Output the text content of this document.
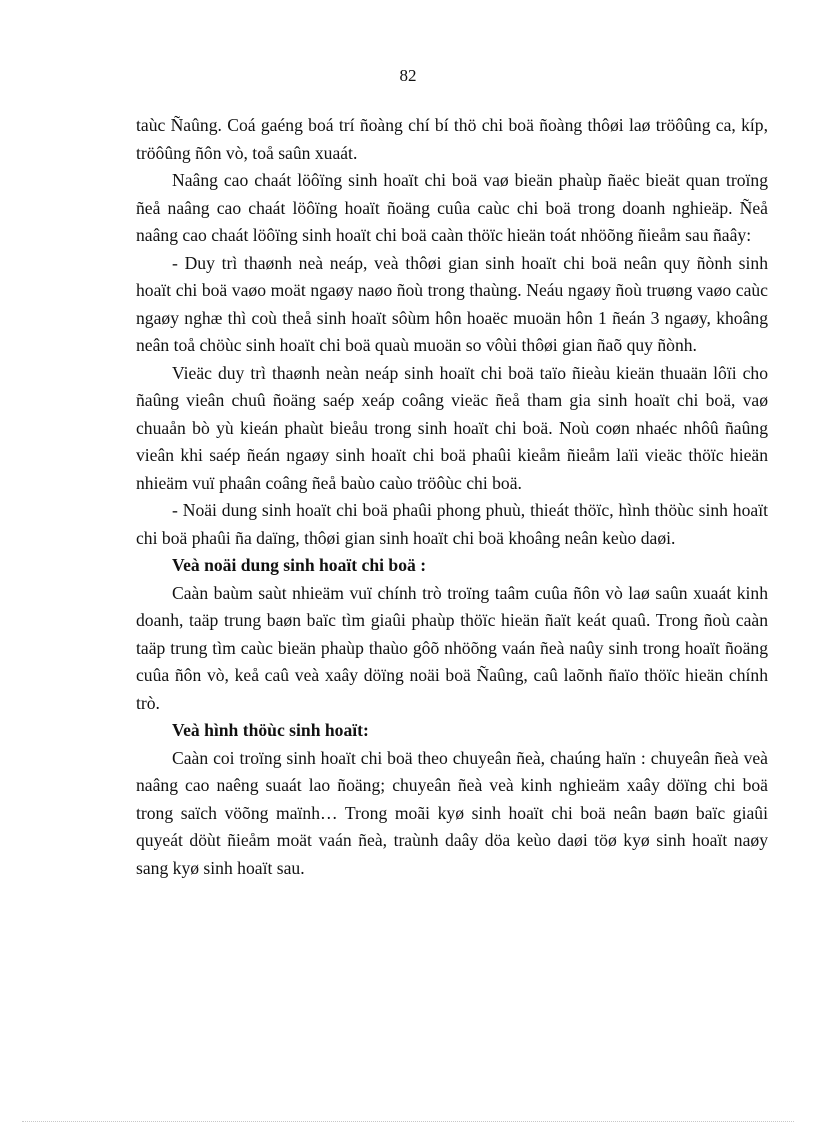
82

taùc Ñaûng. Coá gaéng boá trí ñoàng chí bí thö chi boä ñoàng thôøi laø tröôûng ca, kíp, tröôûng ñôn vò, toå saûn xuaát.

Naâng cao chaát löôïng sinh hoaït chi boä vaø bieän phaùp ñaëc bieät quan troïng ñeå naâng cao chaát löôïng hoaït ñoäng cuûa caùc chi boä trong doanh nghieäp. Ñeå naâng cao chaát löôïng sinh hoaït chi boä caàn thöïc hieän toát nhöõng ñieåm sau ñaây:

- Duy trì thaønh neà neáp, veà thôøi gian sinh hoaït chi boä neân quy ñònh sinh hoaït chi boä vaøo moät ngaøy naøo ñoù trong thaùng. Neáu ngaøy ñoù truøng vaøo caùc ngaøy nghæ thì coù theå sinh hoaït sôùm hôn hoaëc muoän hôn 1 ñeán 3 ngaøy, khoâng neân toå chöùc sinh hoaït chi boä quaù muoän so vôùi thôøi gian ñaõ quy ñònh.

Vieäc duy trì thaønh neàn neáp sinh hoaït chi boä taïo ñieàu kieän thuaän lôïi cho ñaûng vieân chuû ñoäng saép xeáp coâng vieäc ñeå tham gia sinh hoaït chi boä, vaø chuaån bò yù kieán phaùt bieåu trong sinh hoaït chi boä. Noù coøn nhaéc nhôû ñaûng vieân khi saép ñeán ngaøy sinh hoaït chi boä phaûi kieåm ñieåm laïi vieäc thöïc hieän nhieäm vuï phaân coâng ñeå baùo caùo tröôùc chi boä.

- Noäi dung sinh hoaït chi boä phaûi phong phuù, thieát thöïc, hình thöùc sinh hoaït chi boä phaûi ña daïng, thôøi gian sinh hoaït chi boä khoâng neân keùo daøi.

Veà noäi dung sinh hoaït chi boä :

Caàn baùm saùt nhieäm vuï chính trò troïng taâm cuûa ñôn vò laø saûn xuaát kinh doanh, taäp trung baøn baïc tìm giaûi phaùp thöïc hieän ñaït keát quaû. Trong ñoù caàn taäp trung tìm caùc bieän phaùp thaùo gôõ nhöõng vaán ñeà naûy sinh trong hoaït ñoäng cuûa ñôn vò, keå caû veà xaây döïng noäi boä Ñaûng, caû laõnh ñaïo thöïc hieän chính trò.

Veà hình thöùc sinh hoaït:

Caàn coi troïng sinh hoaït chi boä theo chuyeân ñeà, chaúng haïn : chuyeân ñeà veà naâng cao naêng suaát lao ñoäng; chuyeân ñeà veà kinh nghieäm xaây döïng chi boä trong saïch vöõng maïnh… Trong moãi kyø sinh hoaït chi boä neân baøn baïc giaûi quyeát döùt ñieåm moät vaán ñeà, traùnh daây döa keùo daøi töø kyø sinh hoaït naøy sang kyø sinh hoaït sau.
